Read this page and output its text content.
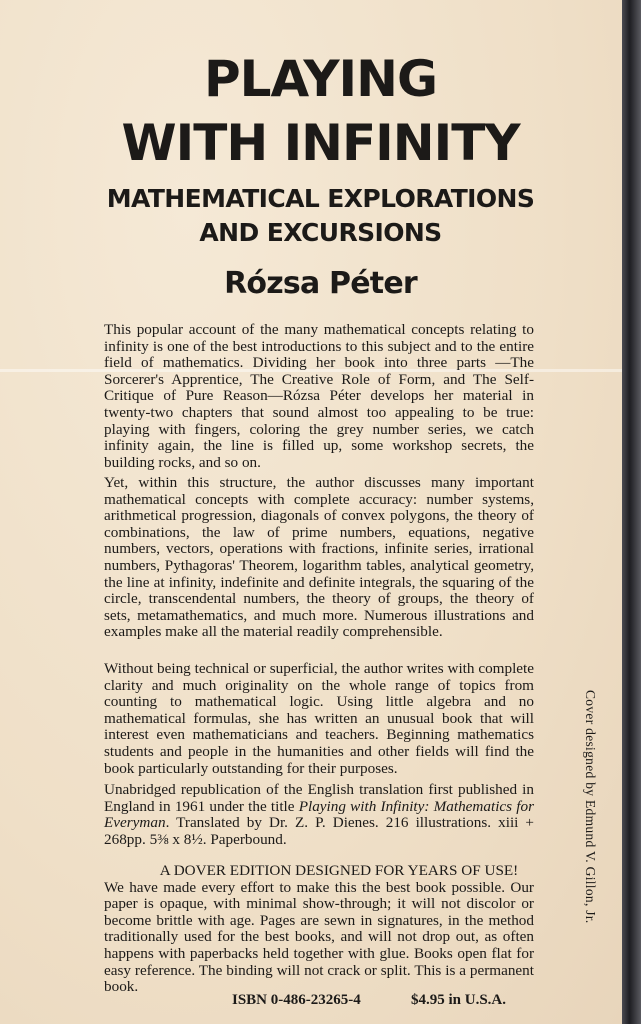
PLAYING
WITH INFINITY
MATHEMATICAL EXPLORATIONS
AND EXCURSIONS
Rózsa Péter
This popular account of the many mathematical concepts relating to infinity is one of the best introductions to this subject and to the entire field of mathematics. Dividing her book into three parts —The Sorcerer's Apprentice, The Creative Role of Form, and The Self-Critique of Pure Reason—Rózsa Péter develops her material in twenty-two chapters that sound almost too appealing to be true: playing with fingers, coloring the grey number series, we catch infinity again, the line is filled up, some workshop secrets, the building rocks, and so on.
Yet, within this structure, the author discusses many important mathematical concepts with complete accuracy: number systems, arithmetical progression, diagonals of convex polygons, the theory of combinations, the law of prime numbers, equations, negative numbers, vectors, operations with fractions, infinite series, irrational numbers, Pythagoras' Theorem, logarithm tables, analytical geometry, the line at infinity, indefinite and definite integrals, the squaring of the circle, transcendental numbers, the theory of groups, the theory of sets, metamathematics, and much more. Numerous illustrations and examples make all the material readily comprehensible.
Without being technical or superficial, the author writes with complete clarity and much originality on the whole range of topics from counting to mathematical logic. Using little algebra and no mathematical formulas, she has written an unusual book that will interest even mathematicians and teachers. Beginning mathematics students and people in the humanities and other fields will find the book particularly outstanding for their purposes.
Unabridged republication of the English translation first published in England in 1961 under the title Playing with Infinity: Mathematics for Everyman. Translated by Dr. Z. P. Dienes. 216 illustrations. xiii + 268pp. 5⅜ x 8½. Paperbound.
A DOVER EDITION DESIGNED FOR YEARS OF USE!
We have made every effort to make this the best book possible. Our paper is opaque, with minimal show-through; it will not discolor or become brittle with age. Pages are sewn in signatures, in the method traditionally used for the best books, and will not drop out, as often happens with paperbacks held together with glue. Books open flat for easy reference. The binding will not crack or split. This is a permanent book.
ISBN 0-486-23265-4	$4.95 in U.S.A.
Cover designed by Edmund V. Gillon, Jr.
